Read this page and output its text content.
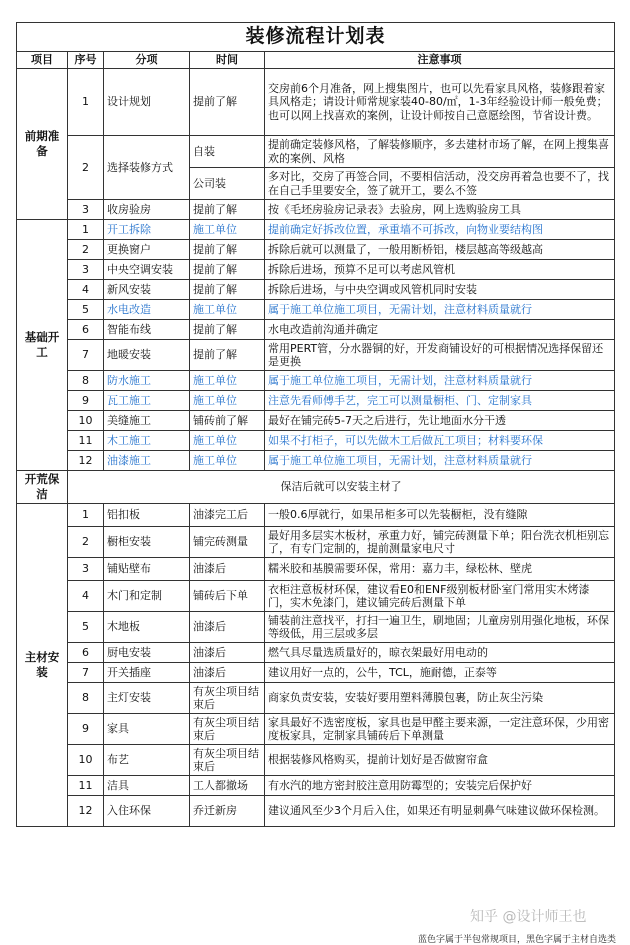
装修流程计划表				
项目	序号	分项	时间	注意事项
前期准备	1	设计规划	提前了解	交房前6个月准备，网上搜集图片，也可以先看家具风格，装修跟着家具风格走；请设计师常规家装40-80/㎡，1-3年经验设计师一般免费；也可以网上找喜欢的案例，让设计师按自己意愿绘图，节省设计费。
	2	选择装修方式	自装	提前确定装修风格，了解装修顺序，多去建材市场了解，在网上搜集喜欢的案例、风格
			公司装	多对比，交房了再签合同，不要相信活动，没交房再着急也要不了，找在自己手里要安全，签了就开工，要么不签
	3	收房验房	提前了解	按《毛坯房验房记录表》去验房，网上选购验房工具
基础开工	1	开工拆除	施工单位	提前确定好拆改位置，承重墙不可拆改，向物业要结构图
	2	更换窗户	提前了解	拆除后就可以测量了，一般用断桥铝，楼层越高等级越高
	3	中央空调安装	提前了解	拆除后进场，预算不足可以考虑风管机
	4	新风安装	提前了解	拆除后进场，与中央空调或风管机同时安装
	5	水电改造	施工单位	属于施工单位施工项目，无需计划，注意材料质量就行
	6	智能布线	提前了解	水电改造前沟通并确定
	7	地暖安装	提前了解	常用PERT管，分水器铜的好，开发商铺设好的可根据情况选择保留还是更换
	8	防水施工	施工单位	属于施工单位施工项目，无需计划，注意材料质量就行
	9	瓦工施工	施工单位	注意先看师傅手艺，完工可以测量橱柜、门、定制家具
	10	美缝施工	铺砖前了解	最好在铺完砖5-7天之后进行，先让地面水分干透
	11	木工施工	施工单位	如果不打柜子，可以先做木工后做瓦工项目；材料要环保
	12	油漆施工	施工单位	属于施工单位施工项目，无需计划，注意材料质量就行
开荒保洁	保洁后就可以安装主材了			
主材安装	1	铝扣板	油漆完工后	一般0.6厚就行，如果吊柜多可以先装橱柜，没有缝隙
	2	橱柜安装	铺完砖测量	最好用多层实木板材，承重力好，铺完砖测量下单；阳台洗衣机柜别忘了，有专门定制的，提前测量家电尺寸
	3	铺贴壁布	油漆后	糯米胶和基膜需要环保，常用：嘉力丰，绿松林、壁虎
	4	木门和定制	铺砖后下单	衣柜注意板材环保，建议看E0和ENF级别板材卧室门常用实木烤漆门，实木免漆门，建议铺完砖后测量下单
	5	木地板	油漆后	铺装前注意找平，打扫一遍卫生，刷地固；儿童房别用强化地板，环保等级低，用三层或多层
	6	厨电安装	油漆后	燃气具尽量选质量好的，晾衣架最好用电动的
	7	开关插座	油漆后	建议用好一点的，公牛，TCL，施耐德，正泰等
	8	主灯安装	有灰尘项目结束后	商家负责安装，安装好要用塑料薄膜包裹，防止灰尘污染
	9	家具	有灰尘项目结束后	家具最好不选密度板，家具也是甲醛主要来源，一定注意环保，少用密度板家具，定制家具铺砖后下单测量
	10	布艺	有灰尘项目结束后	根据装修风格购买，提前计划好是否做窗帘盒
	11	洁具	工人都撤场	有水汽的地方密封胶注意用防霉型的；安装完后保护好
	12	入住环保	乔迁新房	建议通风至少3个月后入住，如果还有明显刺鼻气味建议做环保检测。
知乎 @设计师王也
蓝色字属于半包常规项目，黑色字属于主材自选类
